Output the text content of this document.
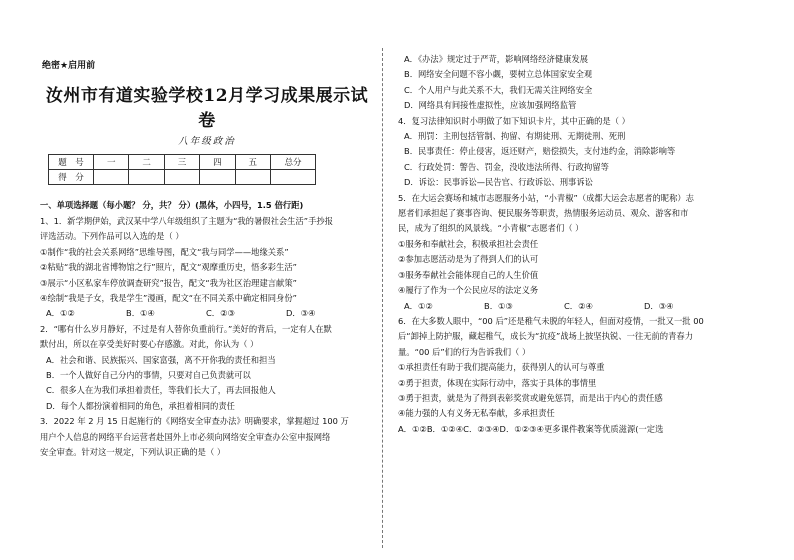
绝密★启用前

汝州市有道实验学校12月学习成果展示试卷

八年级政治

题　号	一	二	三	四	五	总分
得　分						

一、单项选择题（每小题？ 分，共？ 分）(黑体，小四号，1.5 倍行距)

1、1．新学期伊始，武汉某中学八年级组织了主题为“我的暑假社会生活”手抄报

评选活动。下列作品可以入选的是（ ）

①制作“我的社会关系网络”思维导图，配文“我与同学——地缘关系”

②粘贴“我的湖北省博物馆之行”照片，配文“观摩重历史，悟多彩生活”

③展示“小区私家车停放调查研究”报告，配文“我为社区治理建言献策”

④绘制“我是子女，我是学生”漫画，配文“在不同关系中确定相同身份”

A．①②	B．①④	C．②③	D．③④

2．“哪有什么岁月静好，不过是有人替你负重前行。”美好的背后，一定有人在默

默付出，所以在享受美好时要心存感激。对此，你认为（ ）

A．社会和谐、民族振兴、国家富强，离不开你我的责任和担当

B．一个人做好自己分内的事情，只要对自己负责就可以

C．很多人在为我们承担着责任，等我们长大了，再去回报他人

D．每个人都扮演着相同的角色，承担着相同的责任

3．2022 年 2 月 15 日起施行的《网络安全审查办法》明确要求，掌握超过 100 万

用户个人信息的网络平台运营者赴国外上市必须向网络安全审查办公室申报网络

安全审查。针对这一规定，下列认识正确的是（ ）

A．《办法》规定过于严苛，影响网络经济健康发展

B．网络安全问题不容小觑，要树立总体国家安全观

C．个人用户与此关系不大，我们无需关注网络安全

D．网络具有间接性虚拟性，应该加强网络监管

4．复习法律知识时小明做了如下知识卡片，其中正确的是（ ）

A．刑罚：主刑包括管制、拘留、有期徒刑、无期徒刑、死刑

B．民事责任：停止侵害，返还财产，赔偿损失，支付违约金，消除影响等

C．行政处罚：警告、罚金，没收违法所得、行政拘留等

D．诉讼：民事诉讼—民告官、行政诉讼、刑事诉讼

5．在大运会赛场和城市志愿服务小站，“小青椒”（成都大运会志愿者的昵称）志

愿者们承担起了赛事咨询、便民服务等职责，热情服务运动员、观众、游客和市

民，成为了组织的风景线。“小青椒”志愿者们（ ）

①服务和奉献社会，积极承担社会责任

②参加志愿活动是为了得到人们的认可

③服务奉献社会能体现自己的人生价值

④履行了作为一个公民应尽的法定义务

A．①②	B．①③	C．②④	D．③④

6．在大多数人眼中，“00 后”还是稚气未脱的年轻人，但面对疫情，一批又一批 00

后“卸掉上防护服，藏起稚气，成长为“抗疫”战场上披坚执锐、一往无前的青春力

量。“00 后”们的行为告诉我们（ ）

①承担责任有助于我们提高能力，获得别人的认可与尊重

②勇于担责，体现在实际行动中，落实于具体的事情里

③勇于担责，就是为了得到表彰奖赏或避免惩罚，而是出于内心的责任感

④能力强的人有义务无私奉献，多承担责任

A．①②B．①②④C．②③④D．①②③④更多课件教案等优质滋源(一定选
